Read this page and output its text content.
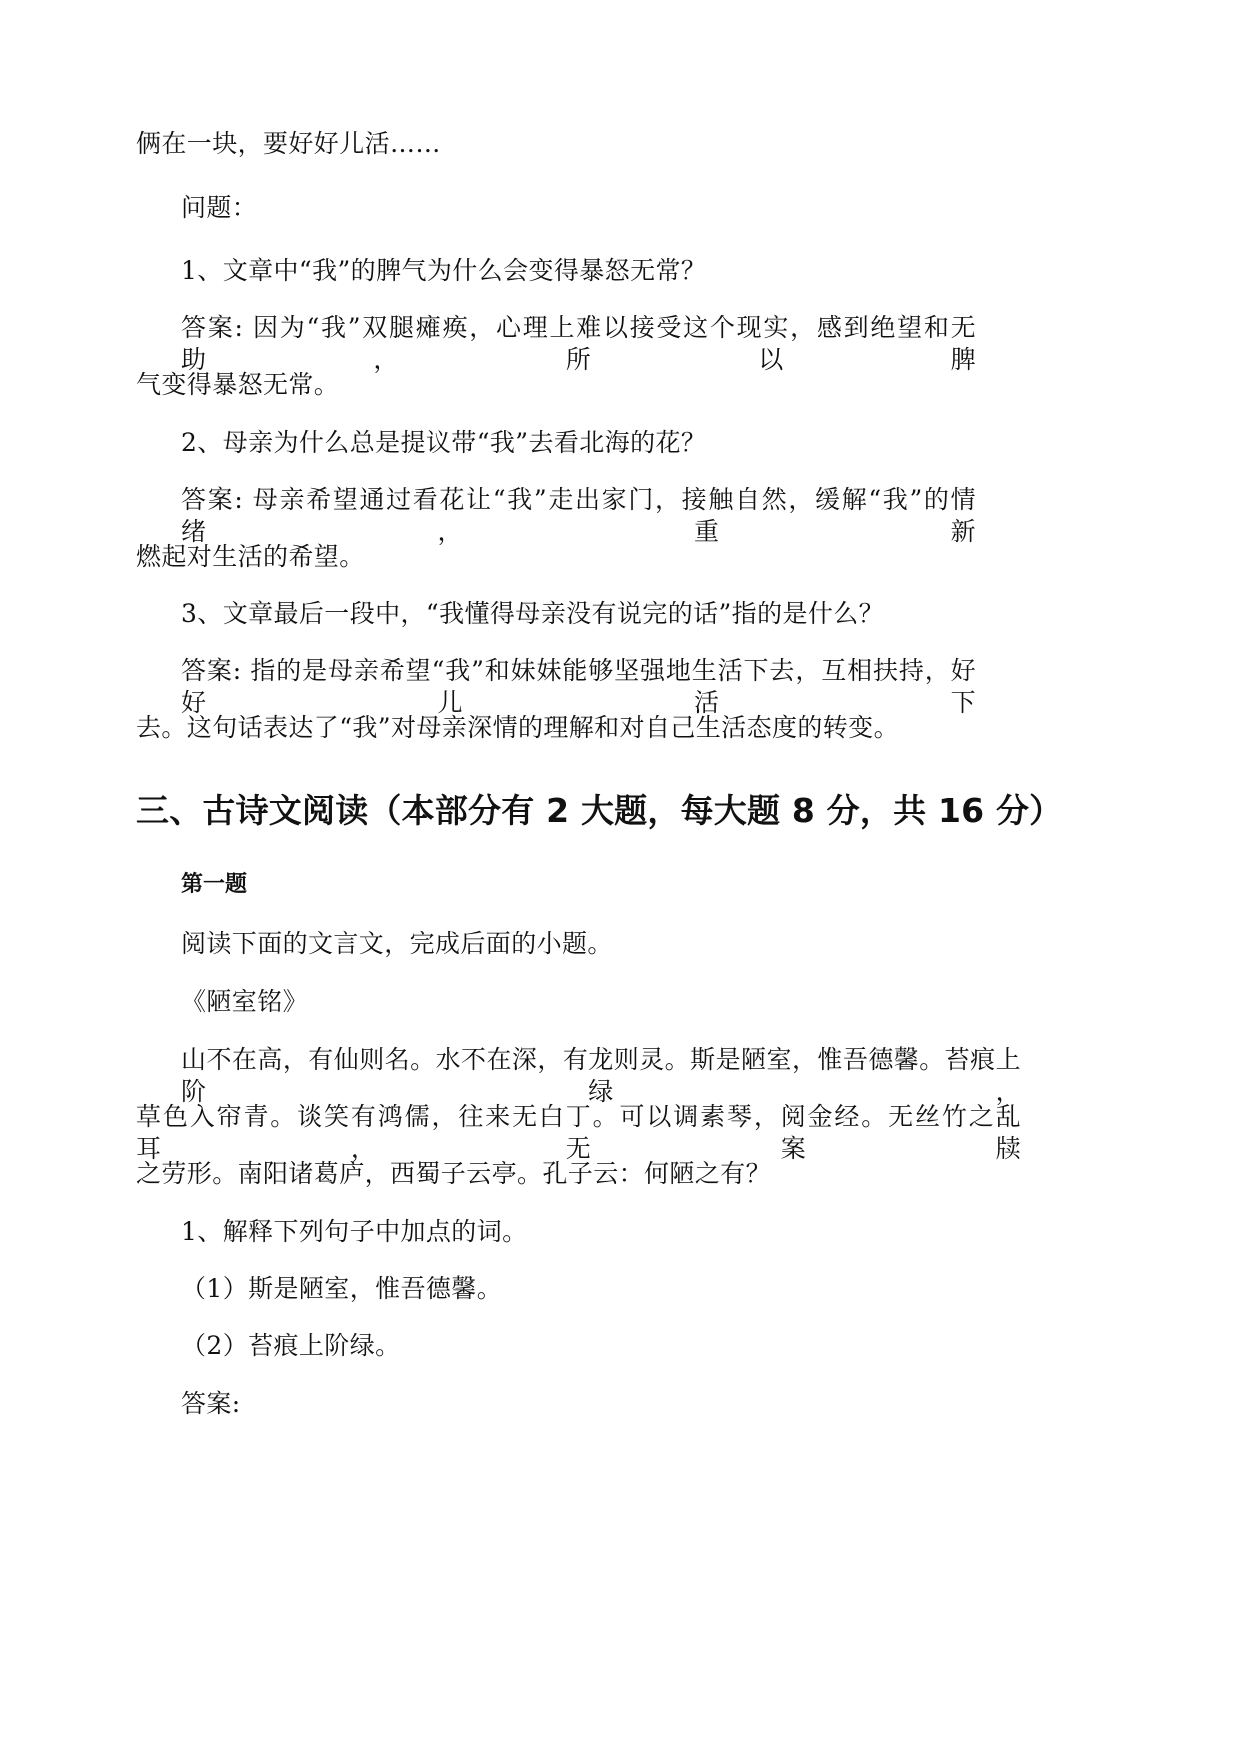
俩在一块，要好好儿活……
问题：
1、文章中“我”的脾气为什么会变得暴怒无常？
答案: 因为“我”双腿瘫痪，心理上难以接受这个现实，感到绝望和无助，所以脾
气变得暴怒无常。
2、母亲为什么总是提议带“我”去看北海的花？
答案: 母亲希望通过看花让“我”走出家门，接触自然，缓解“我”的情绪，重新
燃起对生活的希望。
3、文章最后一段中，“我懂得母亲没有说完的话”指的是什么？
答案: 指的是母亲希望“我”和妹妹能够坚强地生活下去，互相扶持，好好儿活下
去。这句话表达了“我”对母亲深情的理解和对自己生活态度的转变。
三、古诗文阅读（本部分有 2 大题，每大题 8 分，共 16 分）
第一题
阅读下面的文言文，完成后面的小题。
《陋室铭》
山不在高，有仙则名。水不在深，有龙则灵。斯是陋室，惟吾德馨。苔痕上阶绿，
草色入帘青。谈笑有鸿儒，往来无白丁。可以调素琴，阅金经。无丝竹之乱耳，无案牍
之劳形。南阳诸葛庐，西蜀子云亭。孔子云：何陋之有？
1、解释下列句子中加点的词。
（1）斯是陋室，惟吾德馨。
（2）苔痕上阶绿。
答案:
